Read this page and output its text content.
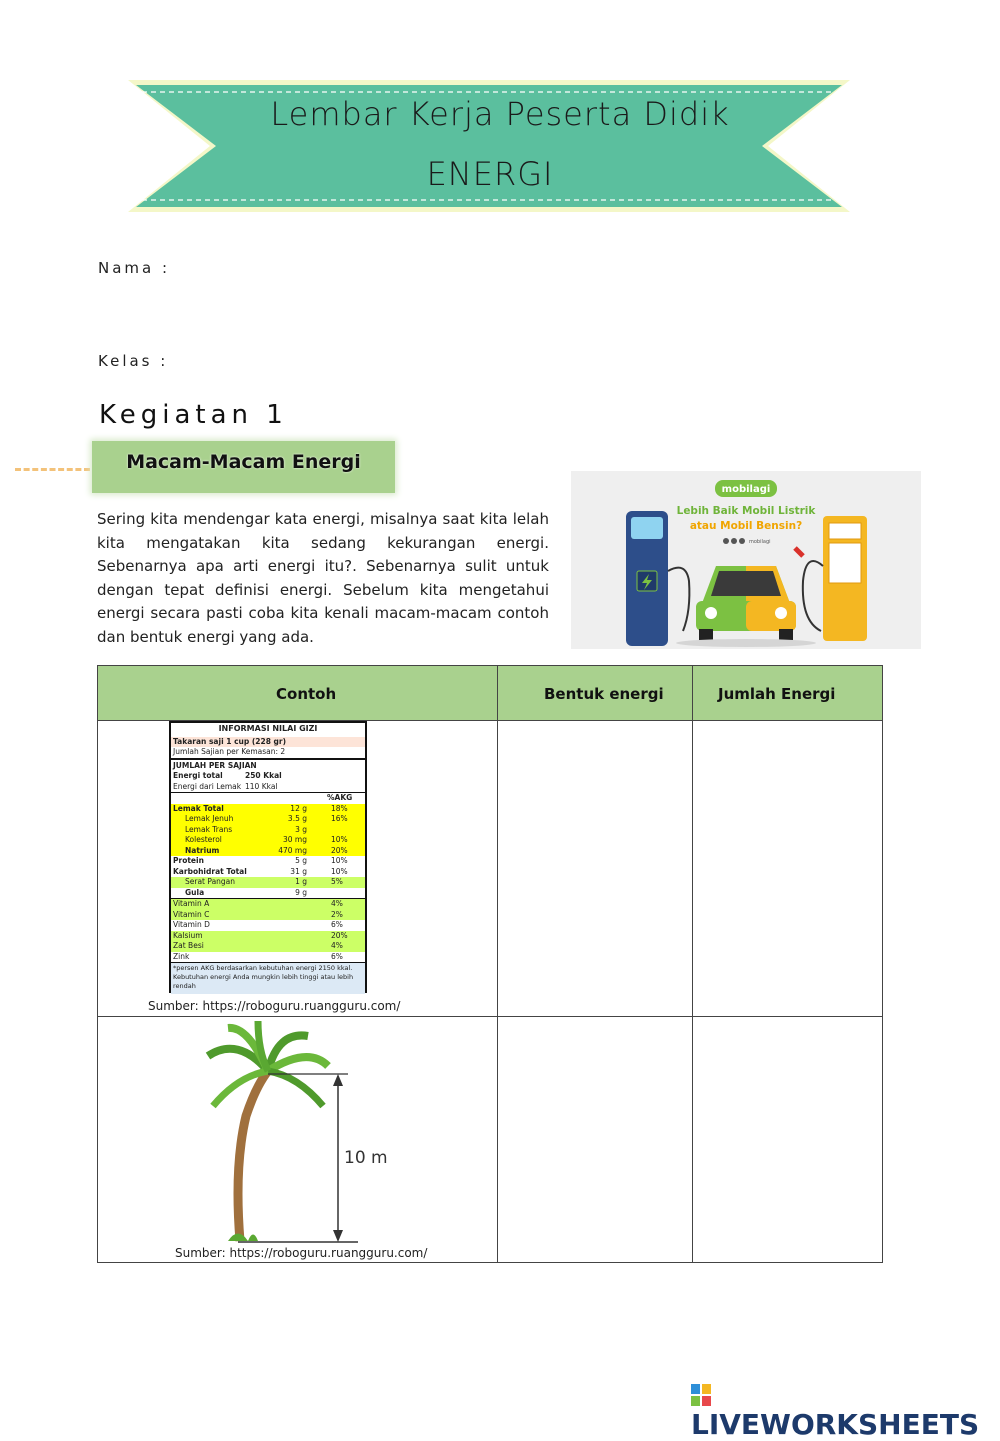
Lembar Kerja Peserta Didik
ENERGI
Nama :
Kelas :
Kegiatan 1
Macam-Macam Energi
Sering kita mendengar kata energi, misalnya saat kita lelah kita mengatakan kita sedang kekurangan energi. Sebenarnya apa arti energi itu?. Sebenarnya sulit untuk dengan tepat definisi energi. Sebelum kita mengetahui energi secara pasti coba kita kenali macam-macam contoh dan bentuk energi yang ada.
mobilagi
Lebih Baik Mobil Listrik
atau Mobil Bensin?
mobilagi
Contoh	Bentuk energi	Jumlah Energi
Sumber: https://roboguru.ruangguru.com/
Sumber: https://roboguru.ruangguru.com/
10 m
INFORMASI NILAI GIZI
Takaran saji 1 cup (228 gr)
Jumlah Sajian per Kemasan: 2
JUMLAH PER SAJIAN
Energi total	250 Kkal
Energi dari Lemak 110 Kkal
%AKG
Lemak Total	12 g	18%
Lemak Jenuh	3.5 g	16%
Lemak Trans	3 g
Kolesterol	30 mg	10%
Natrium	470 mg	20%
Protein	5 g	10%
Karbohidrat Total	31 g	10%
Serat Pangan	1 g	5%
Gula	9 g
Vitamin A	4%
Vitamin C	2%
Vitamin D	6%
Kalsium	20%
Zat Besi	4%
Zink	6%
*persen AKG berdasarkan kebutuhan energi 2150 kkal. Kebutuhan energi Anda mungkin lebih tinggi atau lebih rendah
LIVEWORKSHEETS
